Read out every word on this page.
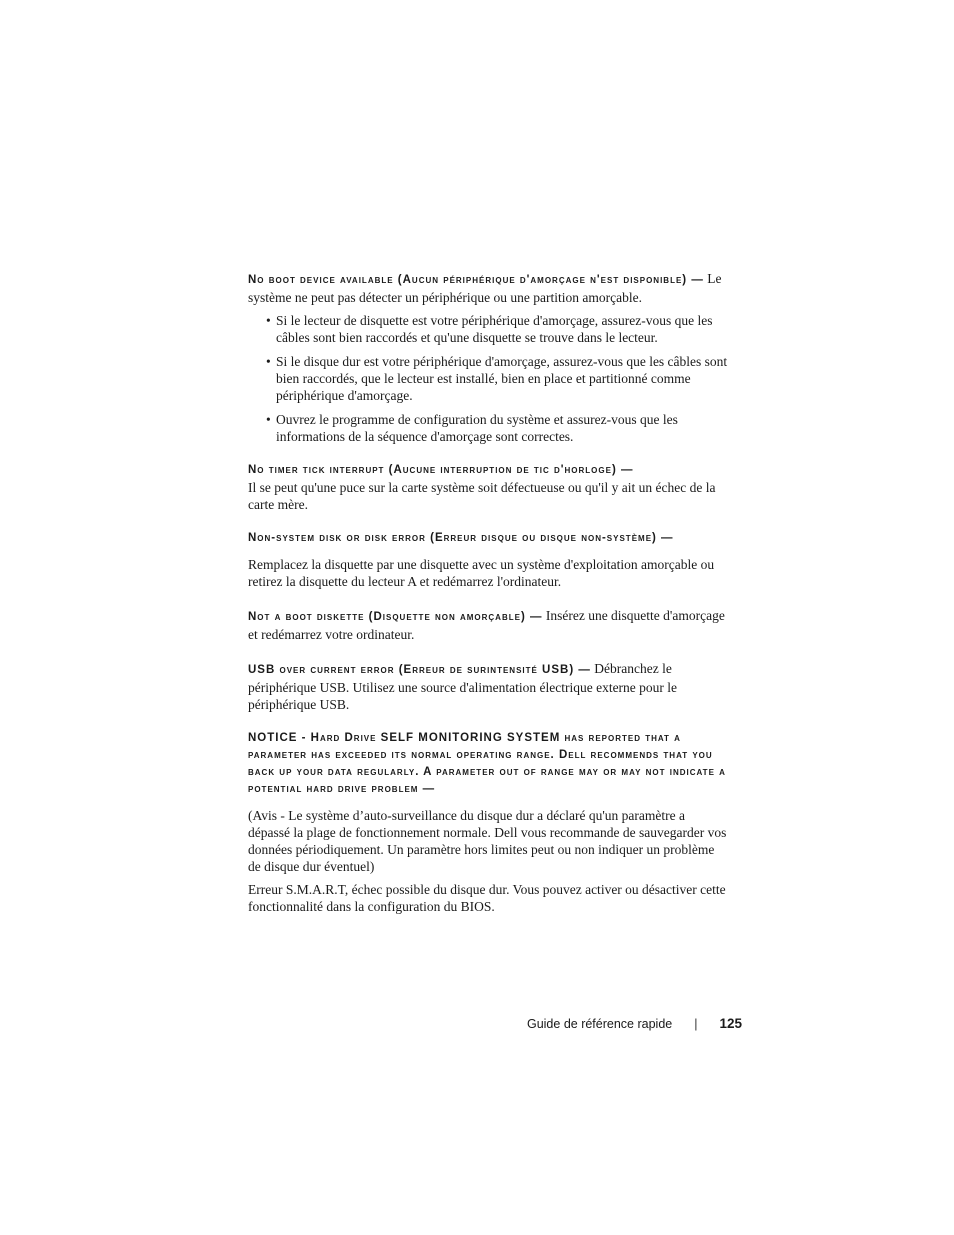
No boot device available (Aucun périphérique d'amorçage n'est disponible) — Le système ne peut pas détecter un périphérique ou une partition amorçable.
• Si le lecteur de disquette est votre périphérique d'amorçage, assurez-vous que les câbles sont bien raccordés et qu'une disquette se trouve dans le lecteur.
• Si le disque dur est votre périphérique d'amorçage, assurez-vous que les câbles sont bien raccordés, que le lecteur est installé, bien en place et partitionné comme périphérique d'amorçage.
• Ouvrez le programme de configuration du système et assurez-vous que les informations de la séquence d'amorçage sont correctes.
No timer tick interrupt (Aucune interruption de tic d'horloge) —
Il se peut qu'une puce sur la carte système soit défectueuse ou qu'il y ait un échec de la carte mère.
Non-system disk or disk error (Erreur disque ou disque non-système) —
Remplacez la disquette par une disquette avec un système d'exploitation amorçable ou retirez la disquette du lecteur A et redémarrez l'ordinateur.
Not a boot diskette (Disquette non amorçable) — Insérez une disquette d'amorçage et redémarrez votre ordinateur.
USB over current error (Erreur de surintensité USB) — Débranchez le périphérique USB. Utilisez une source d'alimentation électrique externe pour le périphérique USB.
NOTICE - Hard Drive SELF MONITORING SYSTEM has reported that a parameter has exceeded its normal operating range. Dell recommends that you back up your data regularly. A parameter out of range may or may not indicate a potential hard drive problem —
(Avis - Le système d’auto-surveillance du disque dur a déclaré qu'un paramètre a dépassé la plage de fonctionnement normale. Dell vous recommande de sauvegarder vos données périodiquement. Un paramètre hors limites peut ou non indiquer un problème de disque dur éventuel)
Erreur S.M.A.R.T, échec possible du disque dur. Vous pouvez activer ou désactiver cette fonctionnalité dans la configuration du BIOS.
Guide de référence rapide | 125
